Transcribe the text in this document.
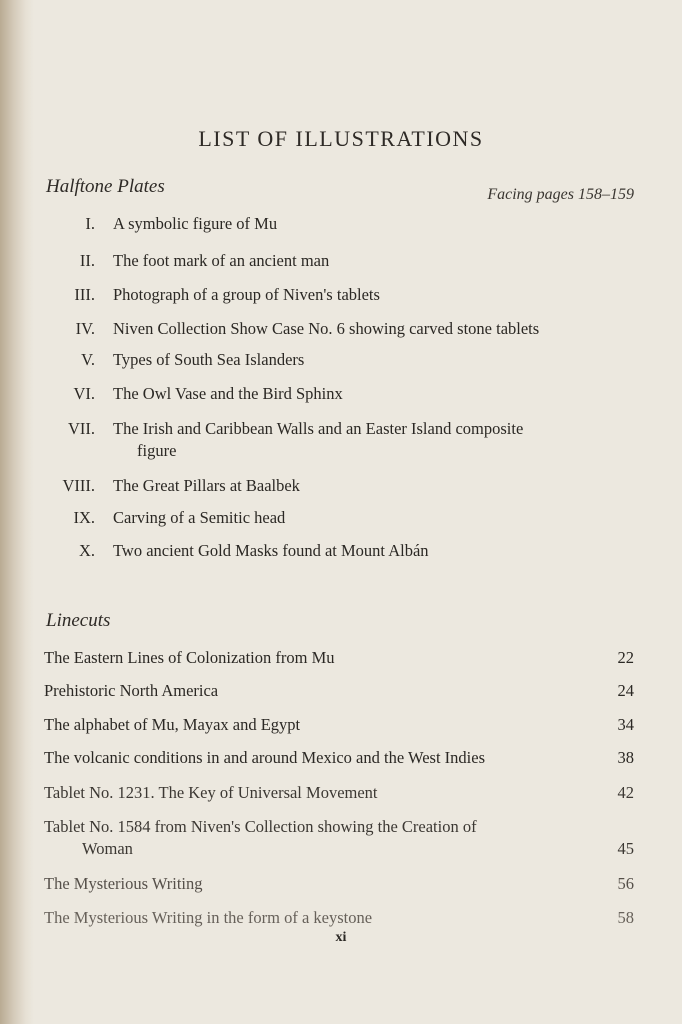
LIST OF ILLUSTRATIONS
Halftone Plates	Facing pages 158–159
I. A symbolic figure of Mu
II. The foot mark of an ancient man
III. Photograph of a group of Niven's tablets
IV. Niven Collection Show Case No. 6 showing carved stone tablets
V. Types of South Sea Islanders
VI. The Owl Vase and the Bird Sphinx
VII. The Irish and Caribbean Walls and an Easter Island composite
figure
VIII. The Great Pillars at Baalbek
IX. Carving of a Semitic head
X. Two ancient Gold Masks found at Mount Albán
Linecuts
The Eastern Lines of Colonization from Mu	22
Prehistoric North America	24
The alphabet of Mu, Mayax and Egypt	34
The volcanic conditions in and around Mexico and the West Indies	38
Tablet No. 1231. The Key of Universal Movement	42
Tablet No. 1584 from Niven's Collection showing the Creation of
Woman	45
The Mysterious Writing	56
The Mysterious Writing in the form of a keystone	58
xi
